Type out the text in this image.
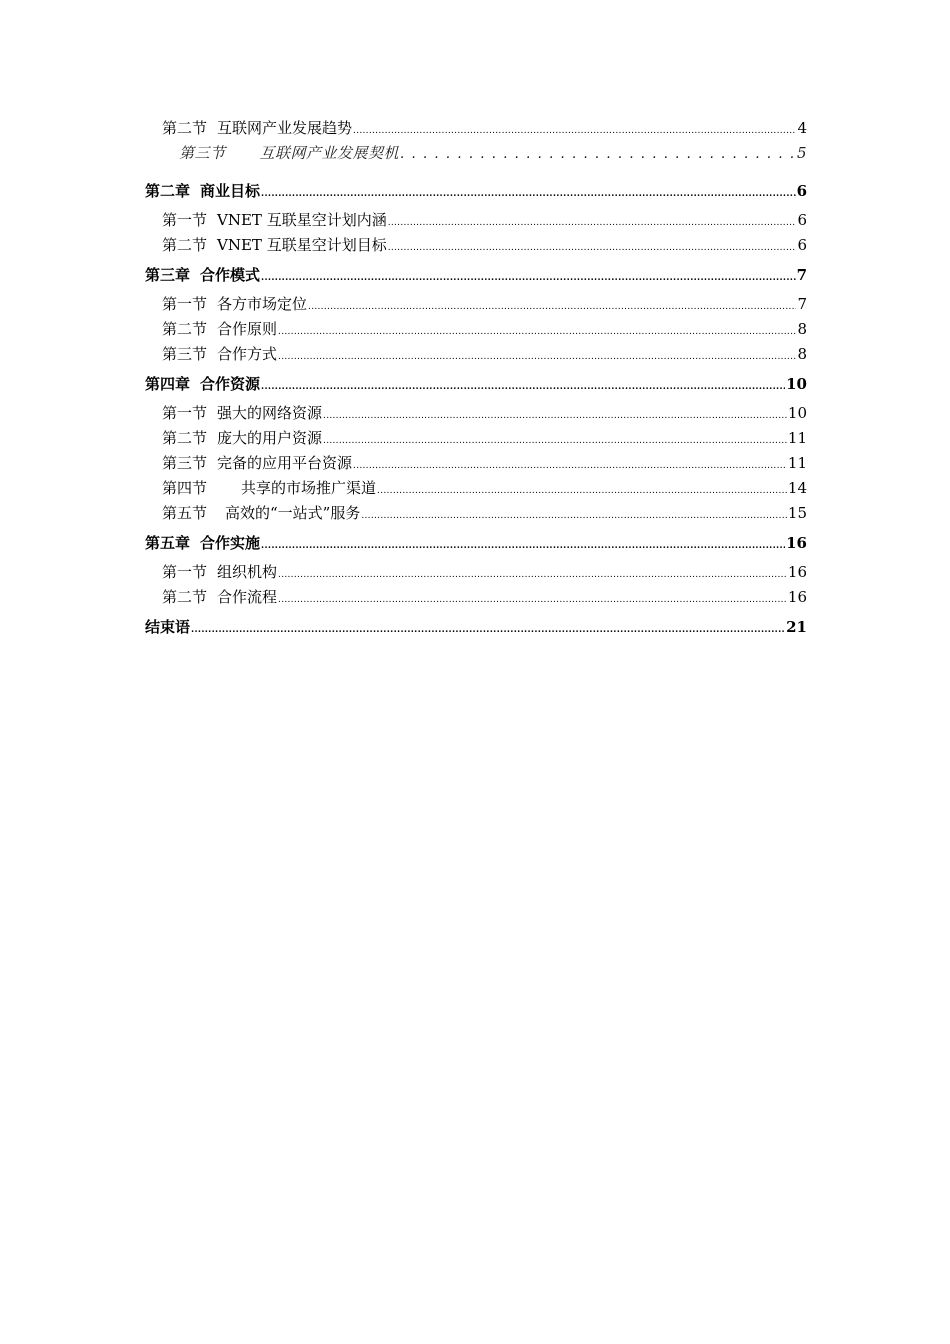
第二节 互联网产业发展趋势 .....	4
第三节 互联网产业发展契机 . . .	5
第二章 商业目标 .....	6
第一节 VNET 互联星空计划内涵 .....	6
第二节 VNET 互联星空计划目标 .....	6
第三章 合作模式 .....	7
第一节 各方市场定位 .....	7
第二节 合作原则 .....	8
第三节 合作方式 .....	8
第四章 合作资源 .....	10
第一节 强大的网络资源 .....	10
第二节 庞大的用户资源 .....	11
第三节 完备的应用平台资源 .....	11
第四节 共享的市场推广渠道 .....	14
第五节 高效的“一站式”服务 .....	15
第五章 合作实施 .....	16
第一节 组织机构 .....	16
第二节 合作流程 .....	16
结束语 .....	21
